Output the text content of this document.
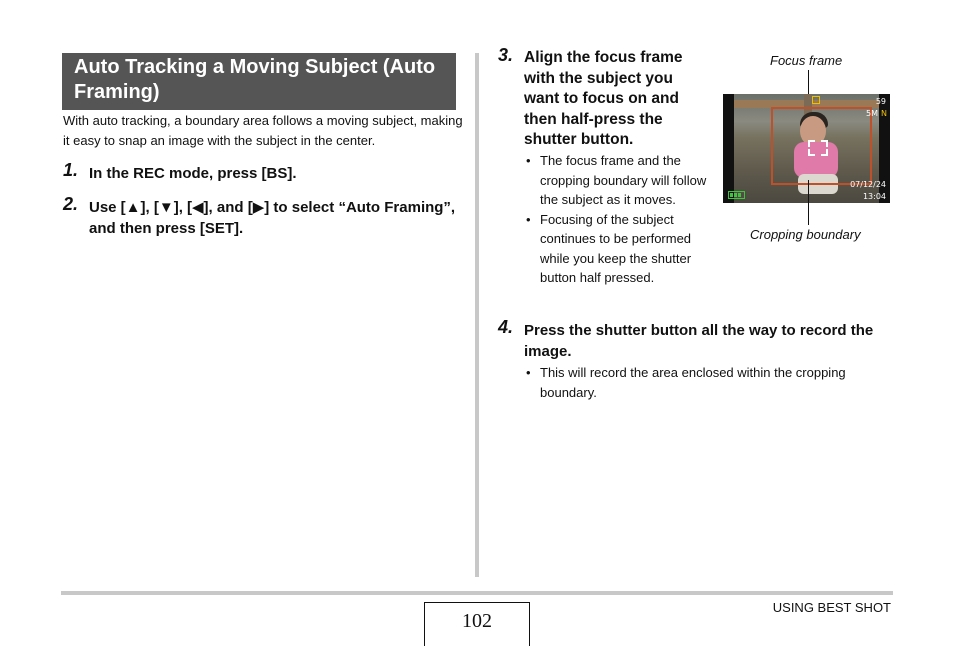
Auto Tracking a Moving Subject (Auto Framing)
With auto tracking, a boundary area follows a moving subject, making it easy to snap an image with the subject in the center.
1. In the REC mode, press [BS].
2. Use [▲], [▼], [◀], and [▶] to select “Auto Framing”, and then press [SET].
3. Align the focus frame with the subject you want to focus on and then half-press the shutter button.
• The focus frame and the cropping boundary will follow the subject as it moves.
• Focusing of the subject continues to be performed while you keep the shutter button half pressed.
Focus frame
59
5M N
07/12/24
13:04
Cropping boundary
4. Press the shutter button all the way to record the image.
• This will record the area enclosed within the cropping boundary.
USING BEST SHOT
102
